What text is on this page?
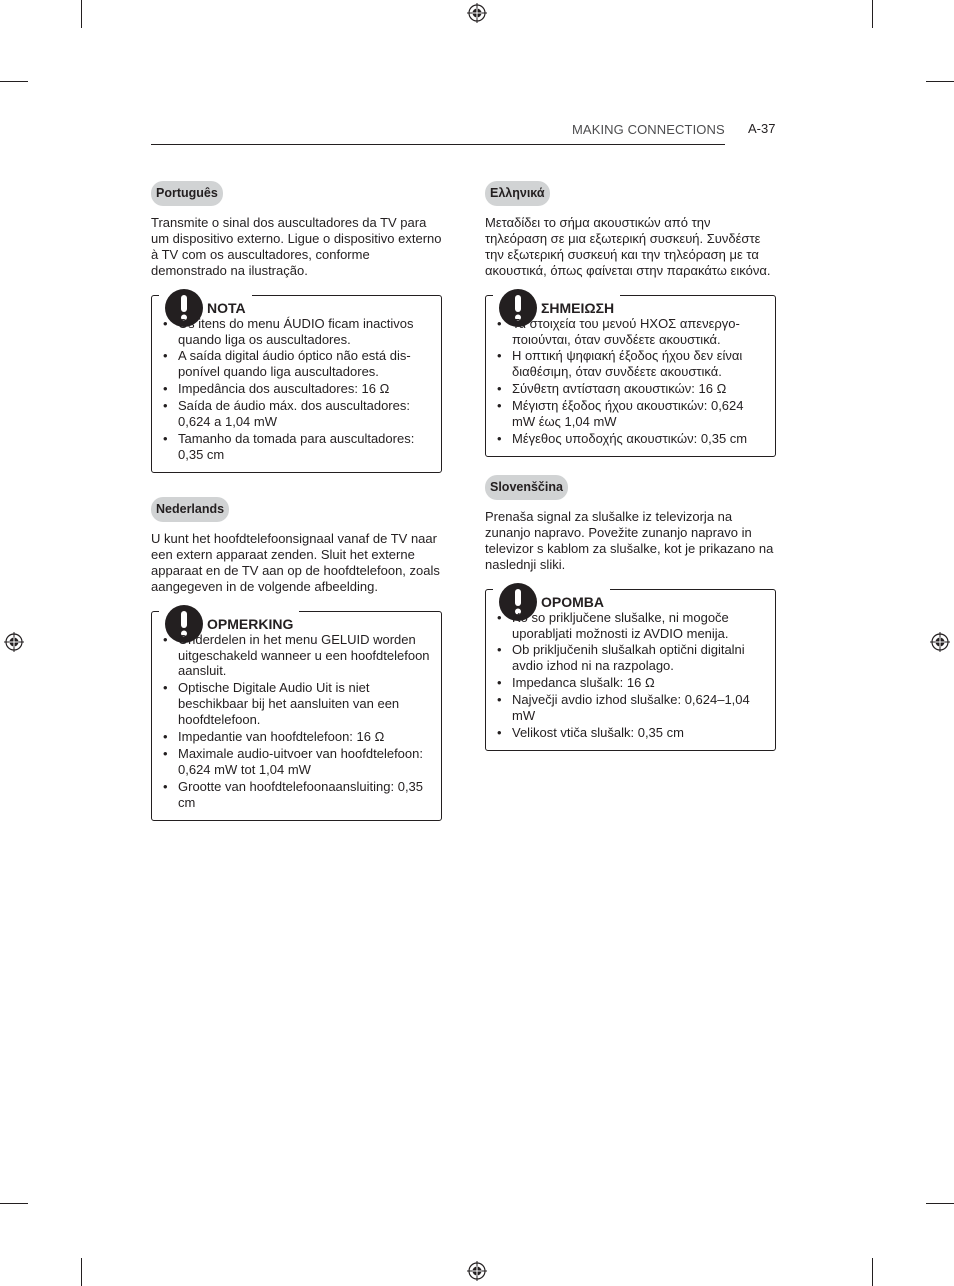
MAKING CONNECTIONS A-37
Português

Transmite o sinal dos auscultadores da TV para um dispositivo externo. Ligue o dispositivo externo à TV com os auscultadores, conforme demonstrado na ilustração.

NOTA
• Os itens do menu ÁUDIO ficam inactivos quando liga os auscultadores.
• A saída digital áudio óptico não está dis-ponível quando liga auscultadores.
• Impedância dos auscultadores: 16 Ω
• Saída de áudio máx. dos auscultadores: 0,624 a 1,04 mW
• Tamanho da tomada para auscultadores: 0,35 cm
Nederlands

U kunt het hoofdtelefoonsignaal vanaf de TV naar een extern apparaat zenden. Sluit het externe apparaat en de TV aan op de hoofdtelefoon, zoals aangegeven in de volgende afbeelding.

OPMERKING
• Onderdelen in het menu GELUID worden uitgeschakeld wanneer u een hoofdtelefoon aansluit.
• Optische Digitale Audio Uit is niet beschikbaar bij het aansluiten van een hoofdtelefoon.
• Impedantie van hoofdtelefoon: 16 Ω
• Maximale audio-uitvoer van hoofdtelefoon: 0,624 mW tot 1,04 mW
• Grootte van hoofdtelefoonaansluiting: 0,35 cm
Ελληνικά

Μεταδίδει το σήμα ακουστικών από την τηλεόραση σε μια εξωτερική συσκευή. Συνδέστε την εξωτερική συσκευή και την τηλεόραση με τα ακουστικά, όπως φαίνεται στην παρακάτω εικόνα.

ΣΗΜΕΙΩΣΗ
• Τα στοιχεία του μενού ΗΧΟΣ απενεργο-ποιούνται, όταν συνδέετε ακουστικά.
• Η οπτική ψηφιακή έξοδος ήχου δεν είναι διαθέσιμη, όταν συνδέετε ακουστικά.
• Σύνθετη αντίσταση ακουστικών: 16 Ω
• Μέγιστη έξοδος ήχου ακουστικών: 0,624 mW έως 1,04 mW
• Μέγεθος υποδοχής ακουστικών: 0,35 cm
Slovenščina

Prenaša signal za slušalke iz televizorja na zunanjo napravo. Povežite zunanjo napravo in televizor s kablom za slušalke, kot je prikazano na naslednji sliki.

OPOMBA
• Ko so priključene slušalke, ni mogoče uporabljati možnosti iz AVDIO menija.
• Ob priključenih slušalkah optični digitalni avdio izhod ni na razpolago.
• Impedanca slušalk: 16 Ω
• Največji avdio izhod slušalke: 0,624–1,04 mW
• Velikost vtiča slušalk: 0,35 cm
